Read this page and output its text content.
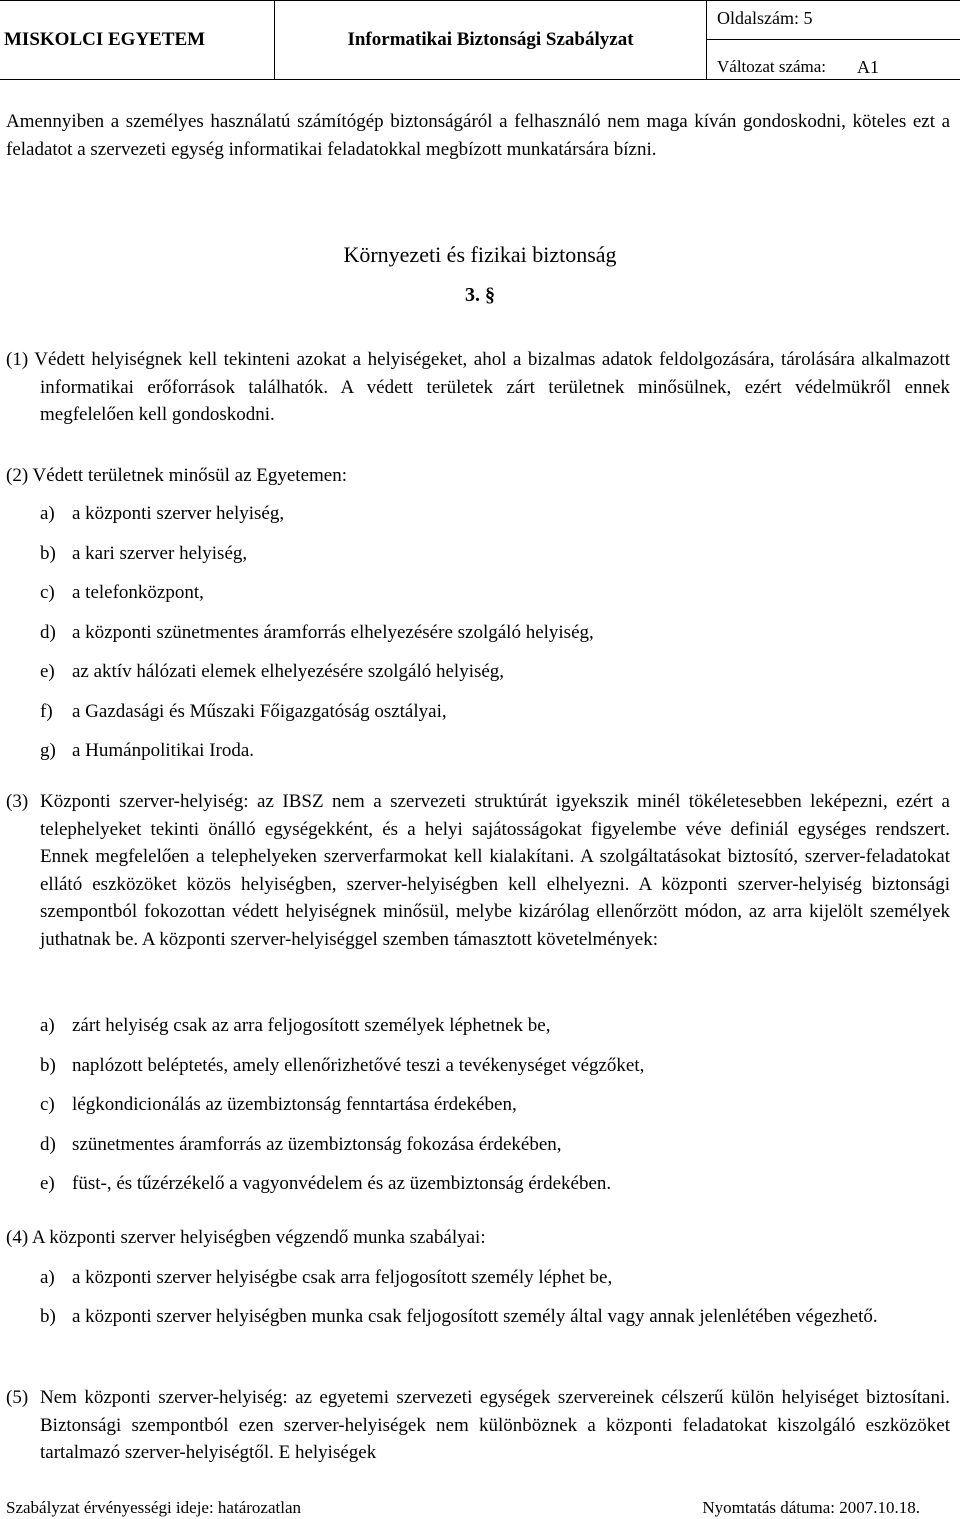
MISKOLCI EGYETEM	Informatikai Biztonsági Szabályzat
Oldalszám: 5
Változat száma: A1

Amennyiben a személyes használatú számítógép biztonságáról a felhasználó nem maga kíván gondoskodni, köteles ezt a feladatot a szervezeti egység informatikai feladatokkal megbízott munkatársára bízni.

Környezeti és fizikai biztonság
3. §

(1) Védett helyiségnek kell tekinteni azokat a helyiségeket, ahol a bizalmas adatok feldolgozására, tárolására alkalmazott informatikai erőforrások találhatók. A védett területek zárt területnek minősülnek, ezért védelmükről ennek megfelelően kell gondoskodni.

(2) Védett területnek minősül az Egyetemen:

a) a központi szerver helyiség,
b) a kari szerver helyiség,
c) a telefonközpont,
d) a központi szünetmentes áramforrás elhelyezésére szolgáló helyiség,
e) az aktív hálózati elemek elhelyezésére szolgáló helyiség,
f) a Gazdasági és Műszaki Főigazgatóság osztályai,
g) a Humánpolitikai Iroda.
(3) Központi szerver-helyiség: az IBSZ nem a szervezeti struktúrát igyekszik minél tökéletesebben leképezni, ezért a telephelyeket tekinti önálló egységekként, és a helyi sajátosságokat figyelembe véve definiál egységes rendszert. Ennek megfelelően a telephelyeken szerverfarmokat kell kialakítani. A szolgáltatásokat biztosító, szerver-feladatokat ellátó eszközöket közös helyiségben, szerver-helyiségben kell elhelyezni. A központi szerver-helyiség biztonsági szempontból fokozottan védett helyiségnek minősül, melybe kizárólag ellenőrzött módon, az arra kijelölt személyek juthatnak be. A központi szerver-helyiséggel szemben támasztott követelmények:

a) zárt helyiség csak az arra feljogosított személyek léphetnek be,
b) naplózott beléptetés, amely ellenőrizhetővé teszi a tevékenységet végzőket,
c) légkondicionálás az üzembiztonság fenntartása érdekében,
d) szünetmentes áramforrás az üzembiztonság fokozása érdekében,
e) füst-, és tűzérzékelő a vagyonvédelem és az üzembiztonság érdekében.

(4) A központi szerver helyiségben végzendő munka szabályai:

a) a központi szerver helyiségbe csak arra feljogosított személy léphet be,
b) a központi szerver helyiségben munka csak feljogosított személy által vagy annak jelenlétében végezhető.
(5) Nem központi szerver-helyiség: az egyetemi szervezeti egységek szervereinek célszerű külön helyiséget biztosítani. Biztonsági szempontból ezen szerver-helyiségek nem különböznek a központi feladatokat kiszolgáló eszközöket tartalmazó szerver-helyiségtől. E helyiségek

Szabályzat érvényességi ideje: határozatlan	Nyomtatás dátuma: 2007.10.18.
